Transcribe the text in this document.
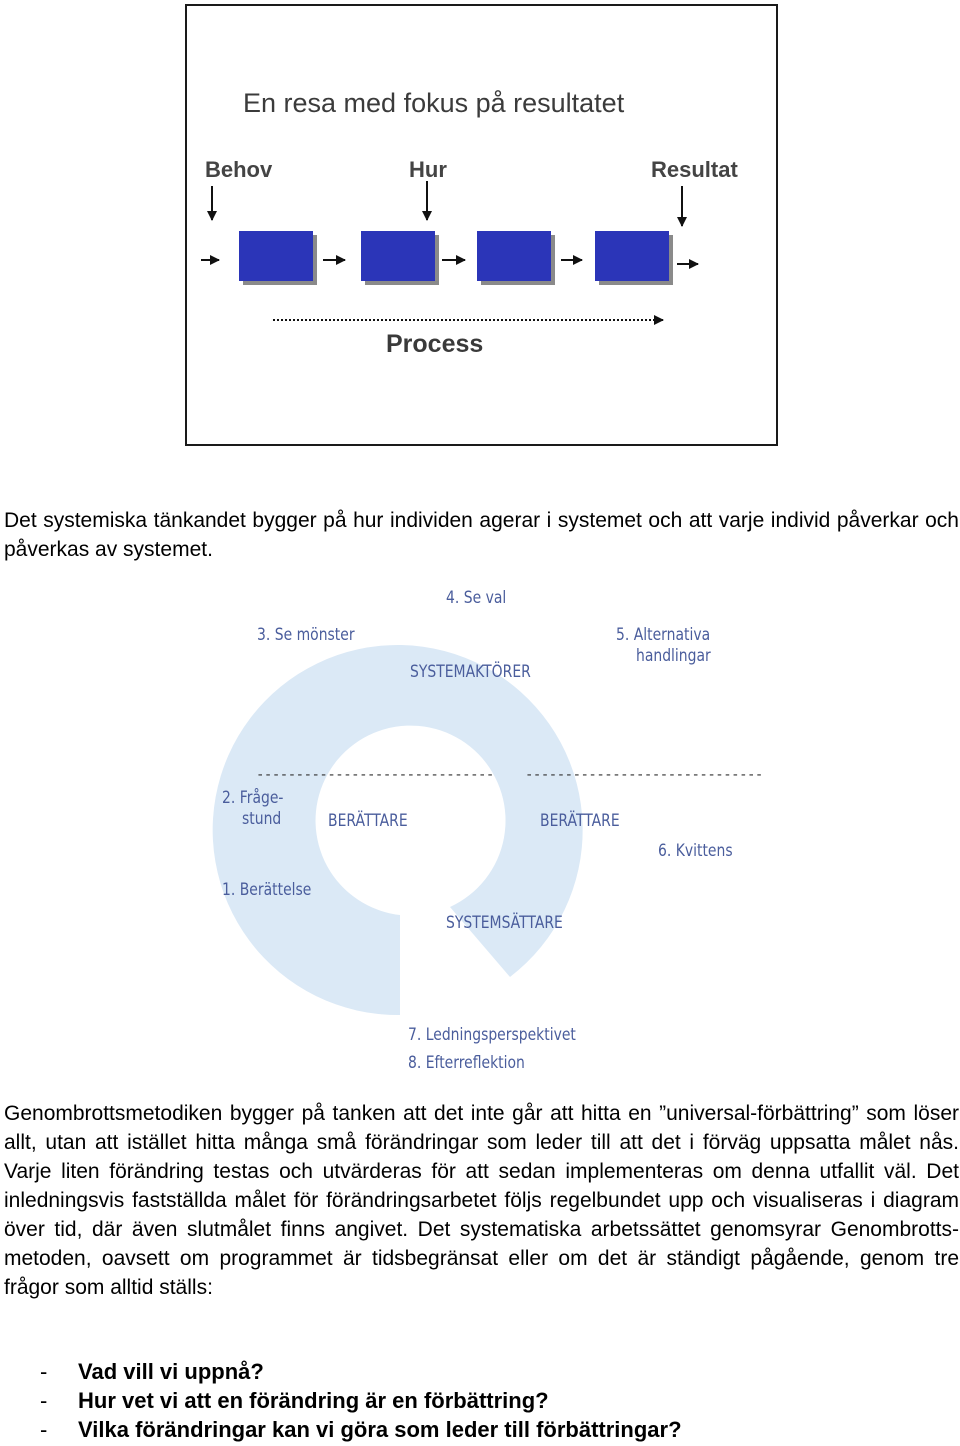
En resa med fokus på resultatet
Behov	Hur	Resultat
Process
Det systemiska tänkandet bygger på hur individen agerar i systemet och att varje individ påverkar och påverkas av systemet.
4. Se val
3. Se mönster	5. Alternativa
handlingar
SYSTEMAKTÖRER
------------------------------ ------------------------------
2. Fråge-
stund	BERÄTTARE	BERÄTTARE
6. Kvittens
1. Berättelse
SYSTEMSÄTTARE
7. Ledningsperspektivet
8. Efterreflektion
Genombrottsmetodiken bygger på tanken att det inte går att hitta en ”universal-förbättring” som löser allt, utan att istället hitta många små förändringar som leder till att det i förväg uppsatta målet nås. Varje liten förändring testas och utvärderas för att sedan implementeras om denna utfallit väl. Det inledningsvis fastställda målet för förändringsarbetet följs regelbundet upp och visualiseras i diagram över tid, där även slutmålet finns angivet. Det systematiska arbetssättet genomsyrar Genombrotts-metoden, oavsett om programmet är tidsbegränsat eller om det är ständigt pågående, genom tre frågor som alltid ställs:
- Vad vill vi uppnå?
- Hur vet vi att en förändring är en förbättring?
- Vilka förändringar kan vi göra som leder till förbättringar?
